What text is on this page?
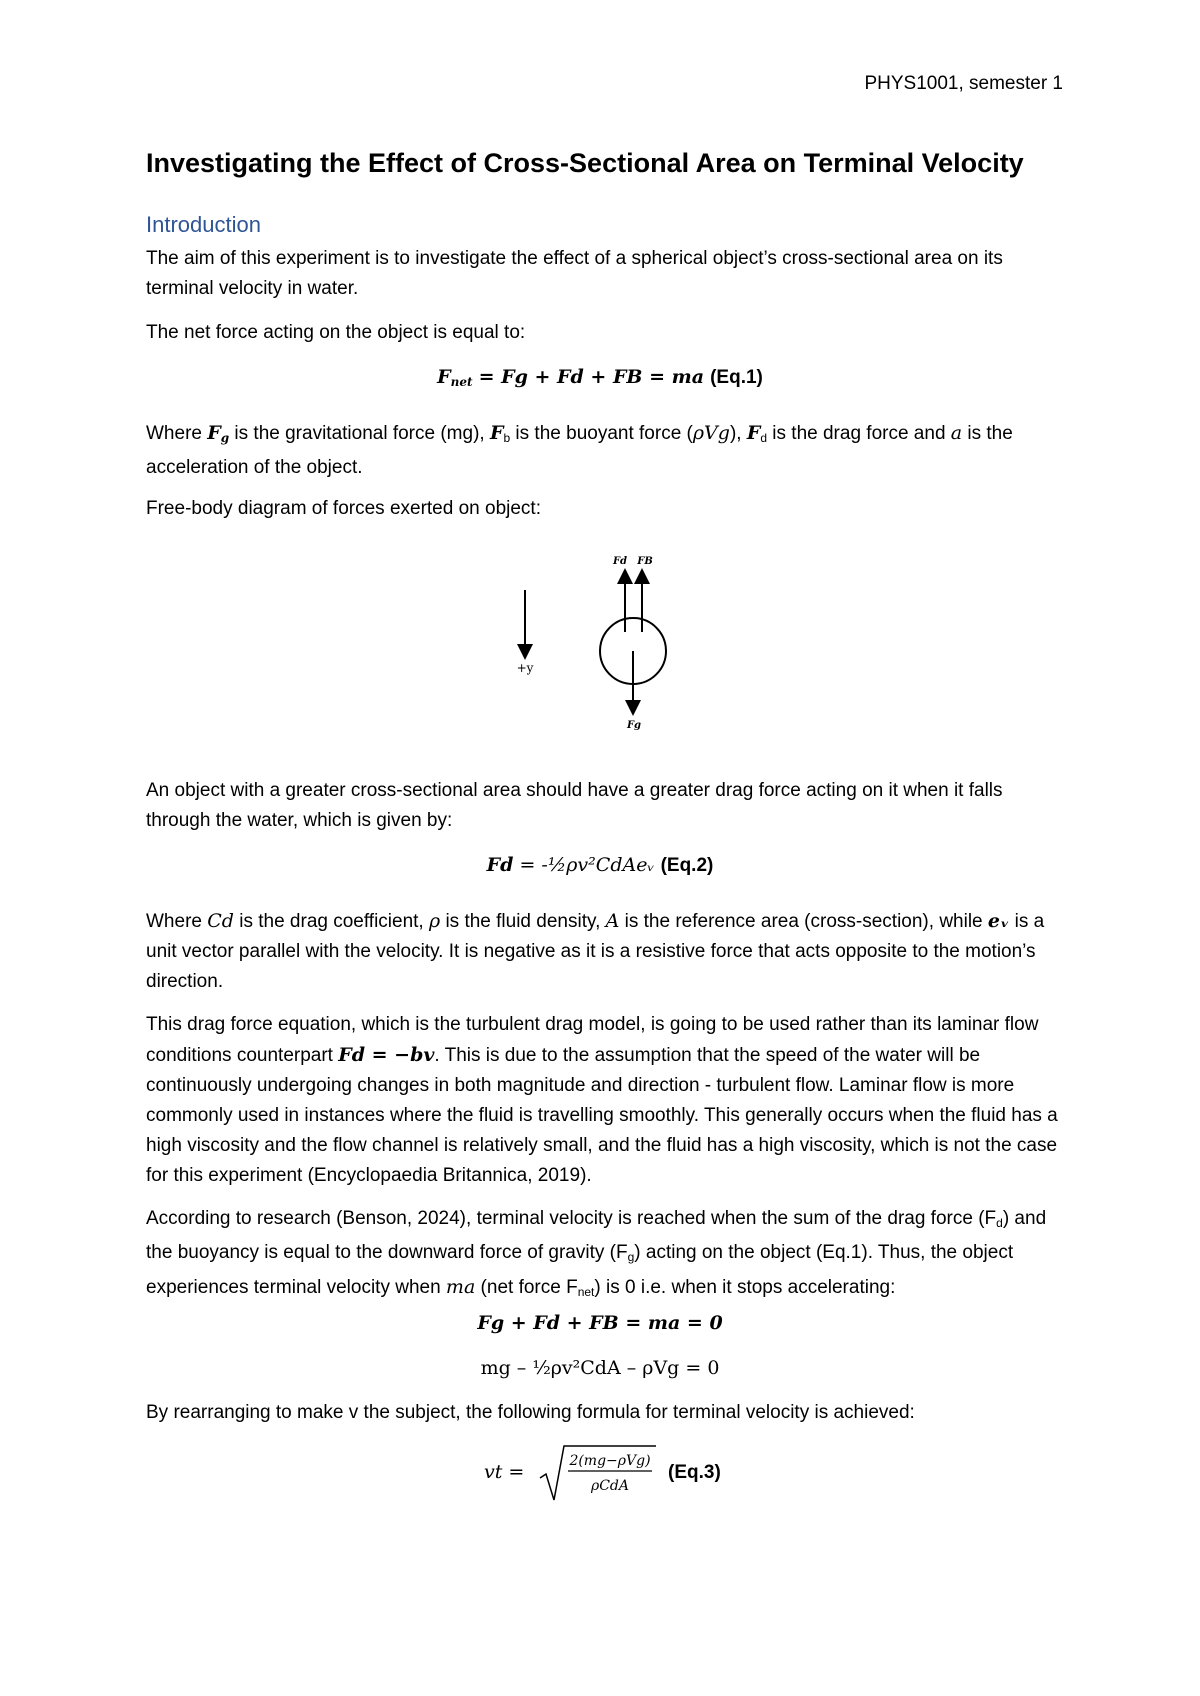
PHYS1001, semester 1
Investigating the Effect of Cross-Sectional Area on Terminal Velocity
Introduction
The aim of this experiment is to investigate the effect of a spherical object’s cross-sectional area on its terminal velocity in water.
The net force acting on the object is equal to:
$F_{net} = Fg + Fd$ + FB = ma (Eq.1)
Where $F_g$ is the gravitational force (mg), $F_b$ is the buoyant force (ρVg), $F_d$ is the drag force and a is the acceleration of the object.
Free-body diagram of forces exerted on object:
+y
Fd FB
Fg
An object with a greater cross-sectional area should have a greater drag force acting on it when it falls through the water, which is given by:
Fd = -½ρv²CdAeᵥ (Eq.2)
Where Cd is the drag coefficient, ρ is the fluid density, A is the reference area (cross-section), while eᵥ is a unit vector parallel with the velocity. It is negative as it is a resistive force that acts opposite to the motion’s direction.
This drag force equation, which is the turbulent drag model, is going to be used rather than its laminar flow conditions counterpart Fd = −bv. This is due to the assumption that the speed of the water will be continuously undergoing changes in both magnitude and direction - turbulent flow. Laminar flow is more commonly used in instances where the fluid is travelling smoothly. This generally occurs when the fluid has a high viscosity and the flow channel is relatively small, and the fluid has a high viscosity, which is not the case for this experiment (Encyclopaedia Britannica, 2019).
According to research (Benson, 2024), terminal velocity is reached when the sum of the drag force $(F_d)$ and the buoyancy is equal to the downward force of gravity $(F_g)$ acting on the object (Eq.1). Thus, the object experiences terminal velocity when ma (net force $F_{net}$) is 0 i.e. when it stops accelerating:
Fg + Fd + FB = ma = 0
mg – ½ρv²CdA – ρVg = 0
By rearranging to make v the subject, the following formula for terminal velocity is achieved:
vt =	2(mg−ρVg)
ρCdA
(Eq.3)
